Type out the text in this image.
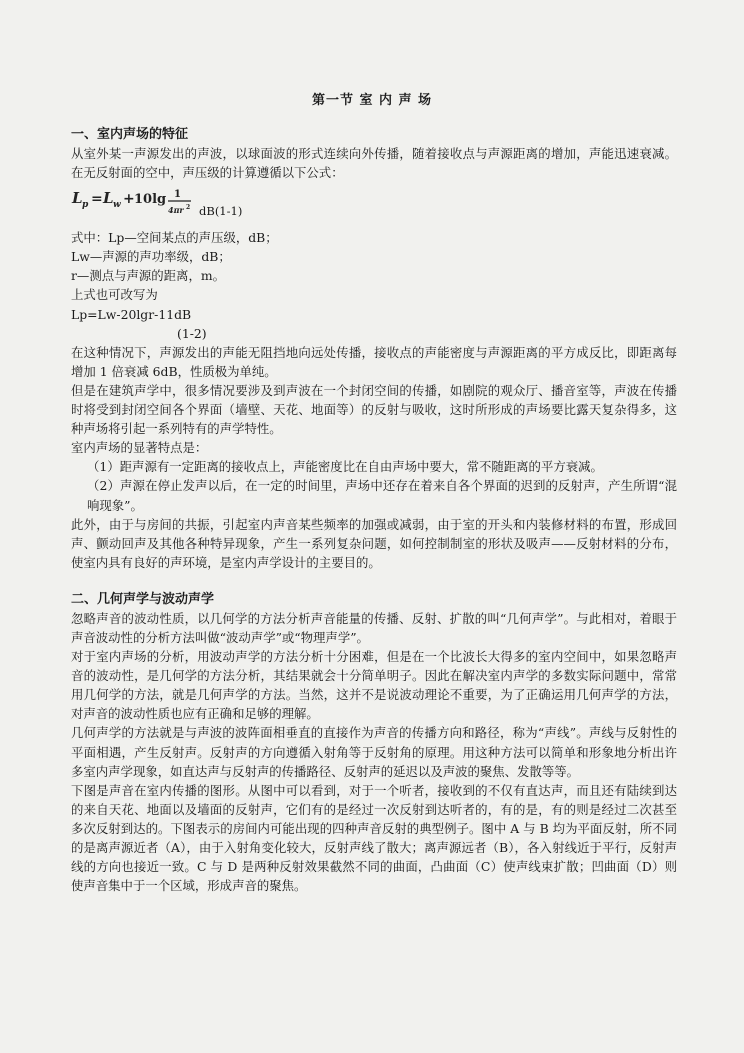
第一节 室 内 声 场
一、室内声场的特征

从室外某一声源发出的声波，以球面波的形式连续向外传播，随着接收点与声源距离的增加，声能迅速衰减。在无反射面的空中，声压级的计算遵循以下公式：

L p = L w + 10lg 1
4πr 2 dB(1-1)

式中：Lp—空间某点的声压级，dB；

Lw—声源的声功率级，dB；

r—测点与声源的距离，m。

上式也可改写为

Lp=Lw-20lgr-11dB

(1-2)

在这种情况下，声源发出的声能无阻挡地向远处传播，接收点的声能密度与声源距离的平方成反比，即距离每增加 1 倍衰减 6dB，性质极为单纯。

但是在建筑声学中，很多情况要涉及到声波在一个封闭空间的传播，如剧院的观众厅、播音室等，声波在传播时将受到封闭空间各个界面（墙壁、天花、地面等）的反射与吸收，这时所形成的声场要比露天复杂得多，这种声场将引起一系列特有的声学特性。

室内声场的显著特点是：

（1）距声源有一定距离的接收点上，声能密度比在自由声场中要大，常不随距离的平方衰减。

（2）声源在停止发声以后，在一定的时间里，声场中还存在着来自各个界面的迟到的反射声，产生所谓“混响现象”。

此外，由于与房间的共振，引起室内声音某些频率的加强或减弱，由于室的开头和内装修材料的布置，形成回声、颤动回声及其他各种特异现象，产生一系列复杂问题，如何控制制室的形状及吸声——反射材料的分布，使室内具有良好的声环境，是室内声学设计的主要目的。

二、几何声学与波动声学

忽略声音的波动性质，以几何学的方法分析声音能量的传播、反射、扩散的叫“几何声学”。与此相对，着眼于声音波动性的分析方法叫做“波动声学”或“物理声学”。

对于室内声场的分析，用波动声学的方法分析十分困难，但是在一个比波长大得多的室内空间中，如果忽略声音的波动性，是几何学的方法分析，其结果就会十分简单明子。因此在解决室内声学的多数实际问题中，常常用几何学的方法，就是几何声学的方法。当然，这并不是说波动理论不重要，为了正确运用几何声学的方法，对声音的波动性质也应有正确和足够的理解。

几何声学的方法就是与声波的波阵面相垂直的直接作为声音的传播方向和路径，称为“声线”。声线与反射性的平面相遇，产生反射声。反射声的方向遵循入射角等于反射角的原理。用这种方法可以简单和形象地分析出许多室内声学现象，如直达声与反射声的传播路径、反射声的延迟以及声波的聚焦、发散等等。

下图是声音在室内传播的图形。从图中可以看到，对于一个听者，接收到的不仅有直达声，而且还有陆续到达的来自天花、地面以及墙面的反射声，它们有的是经过一次反射到达听者的，有的是，有的则是经过二次甚至多次反射到达的。下图表示的房间内可能出现的四种声音反射的典型例子。图中 A 与 B 均为平面反射，所不同的是离声源近者（A），由于入射角变化较大，反射声线了散大；离声源远者（B），各入射线近于平行，反射声线的方向也接近一致。C 与 D 是两种反射效果截然不同的曲面，凸曲面（C）使声线束扩散；凹曲面（D）则使声音集中于一个区域，形成声音的聚焦。
